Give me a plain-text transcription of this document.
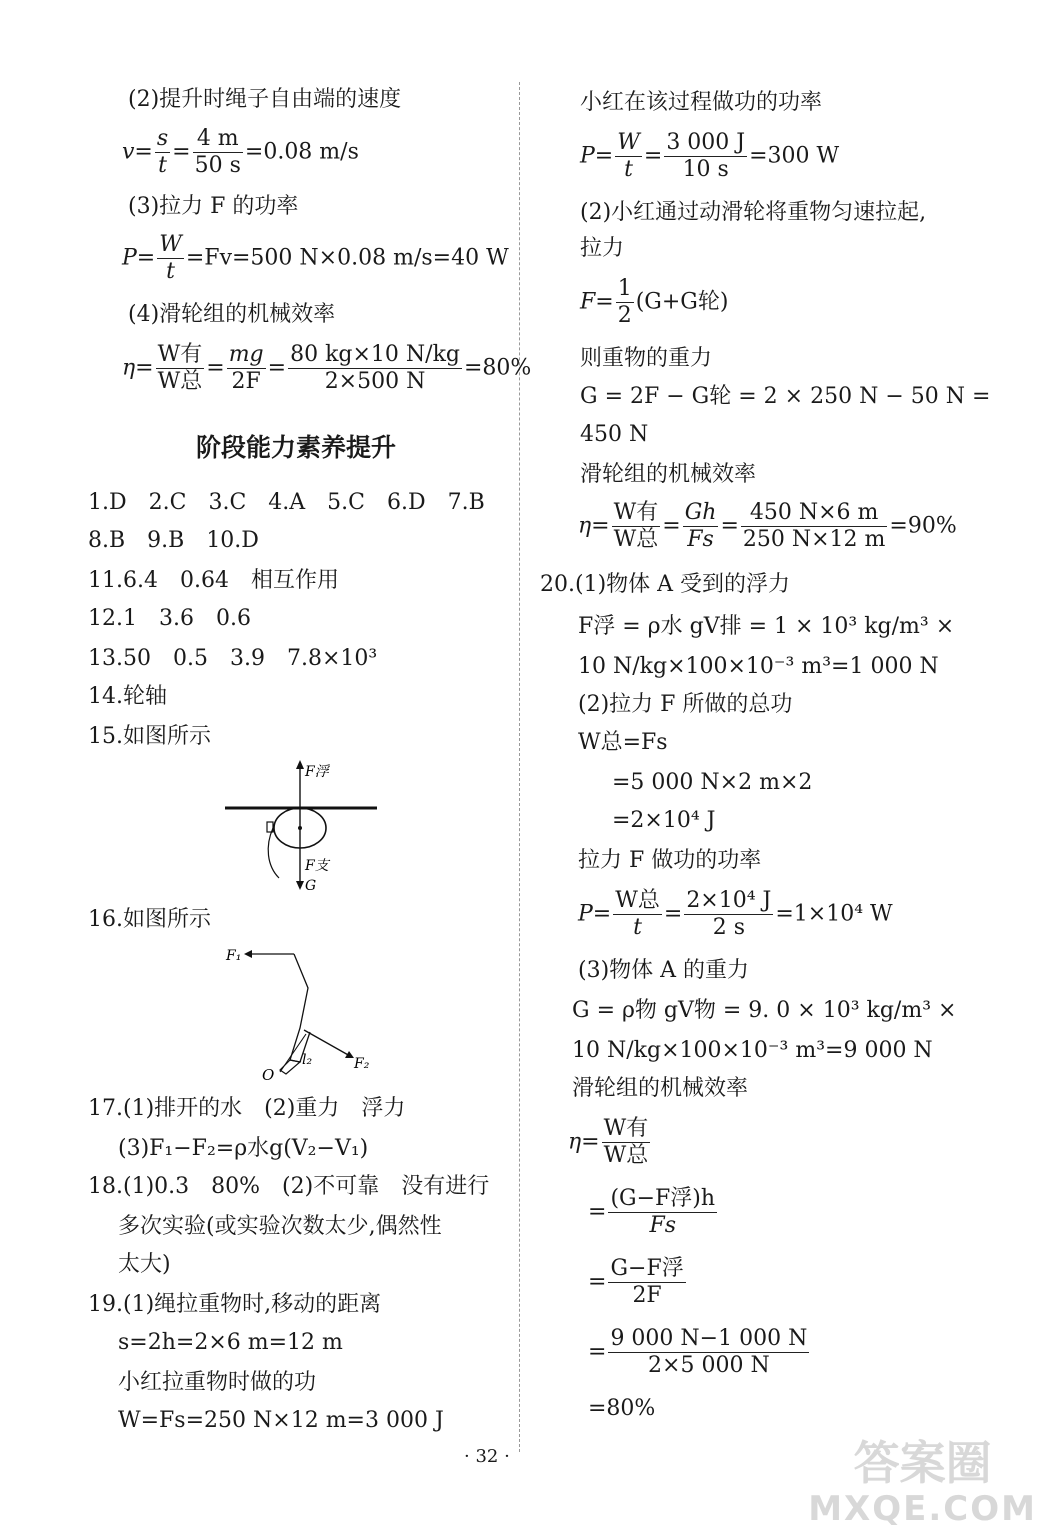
(2)提升时绳子自由端的速度
$v= \frac{s}{t} = \frac{4 m}{50 s} =0.08$ m/s
(3)拉力 F 的功率
$P= \frac{W}{t} =Fv=500$ N×0.08 m/s=40 W
(4)滑轮组的机械效率
η=
W有
W总
= $\frac{mg}{2F} = \frac{80 kg\times 10 N/kg}{2\times 500 N} =80\%$
阶段能力素养提升
1.D　2.C　3.C　4.A　5.C　6.D　7.B
8.B　9.B　10.D
11.6.4　0.64　相互作用
12.1　3.6　0.6
13.50　0.5　3.9　7.8×10³
14.轮轴
15.如图所示
F浮
F支
G
16.如图所示
F₁
F₂
l₂
O
17.(1)排开的水　(2)重力　浮力
(3)F₁−F₂=ρ水g(V₂−V₁)
18.(1)0.3　80%　(2)不可靠　没有进行
多次实验(或实验次数太少,偶然性
太大)
19.(1)绳拉重物时,移动的距离
s=2h=2×6 m=12 m
小红拉重物时做的功
W=Fs=250 N×12 m=3 000 J
小红在该过程做功的功率
$P= \frac{W}{t} = \frac{3 000 J}{10 s} =300$ W
(2)小红通过动滑轮将重物匀速拉起,
拉力
$F= \frac{1}{2} (G+G$轮)
则重物的重力
G = 2F − G轮 = 2 × 250 N − 50 N =
450 N
滑轮组的机械效率
η=
W有
W总
= $\frac{Gh}{Fs} = \frac{450 N\times 6 m}{250 N\times 12 m} =90\%$
20.(1)物体 A 受到的浮力
F浮 = ρ水 gV排 = 1 × 10³ kg/m³ ×
10 N/kg×100×10⁻³ m³=1 000 N
(2)拉力 F 所做的总功
W总=Fs
=5 000 N×2 m×2
=2×10⁴ J
拉力 F 做功的功率
P=
W总
t
= $\frac{\text{2×10⁴ J}}{2 s} =1\times 10^4$ W
(3)物体 A 的重力
G = ρ物 gV物 = 9. 0 × 10³ kg/m³ ×
10 N/kg×100×10⁻³ m³=9 000 N
滑轮组的机械效率
η=
W有
W总
=
(G−F浮)h
Fs
=
G−F浮
2F
= $\frac{9 000 N-1 000 N}{2\times 5 000 N}$
=80%
· 32 ·	答案圈
MXQE.COM
